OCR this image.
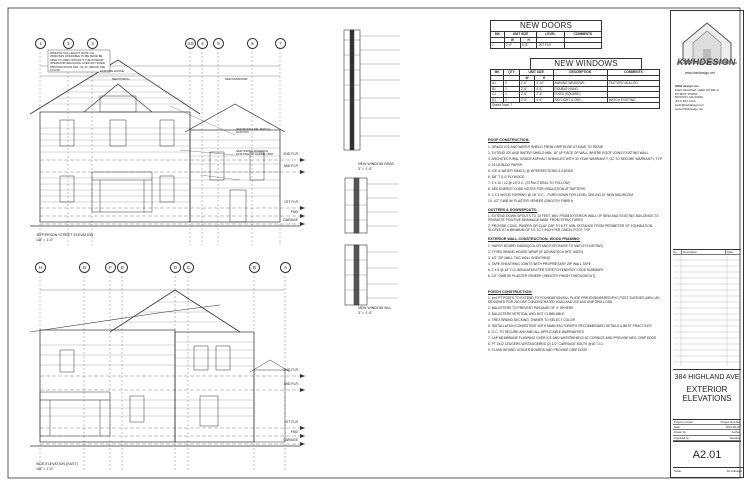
1	2	3	3.8	4	5	6	7
H	G	F	E	D	C	B	A
WINDOW SILL HEIGHT NOTE: ALL WINDOWS OPERABLE TO BE MADE BE ABLE TO OPEN WITHOUT THE WINDOW OPERATOR REACHING OVER ANY FIXED OBSTRUCTIONS MIN. OF 24" ABOVE THE FLOOR	EXISTING HOUSE
NEW PORCH	NEW MUDROOM
NEW ROOF LINE: MATCH EXISTING
NEW SIDING TO MATCH EXISTING, W/ HARDIE TRIM	2ND FLR
MID FLR
1ST FLR
FND
GARAGE
2ND FLR
MID FLR
1ST FLR
FND
GARAGE
JEFFERSON STREET ELEVATION
1/8" = 1'-0"
SIDE ELEVATION (EAST)
1/8" = 1'-0"
NEW WINDOW HEAD
3" = 1'-0"
NEW WINDOW SILL
3" = 1'-0"
NEW DOORS
MK	UNIT SIZE		LEVEL	COMMENTS
	W	H		
1	2'-0"	6'-8"	1ST FLR	
NEW WINDOWS
MK	QTY	UNIT SIZE		DESCRIPTION	COMMENTS
		W	H		
A1	2	2'-6"	4'-10"	AWNING WINDOWS	FACTORY MULLED
B1	1	2'-6"	4'-6"	DOUBLE HUNG	
C1	1	2'-6"	2'-5"	FIXED (SQUARE)	
D1	2	2'-0"	4'-6"	SKYLIGHT (LOW)	MATCH EXISTING
Grand Total: 7					
ROOF CONSTRUCTION:
1. GRACE ICE AND WATER SHIELD FROM DRIP EDGE AT EAVE TO RIDGE
2. EXTEND ICE AND WATER SHIELD MIN. 18" UP FACE OF WALL WHERE ROOF JOINS EXISTING WALL
3. ARCHITECTURAL GRADE ASPHALT SHINGLES WITH 30 YEAR WARRANTY, GC TO SECURE WARRANTY, TYP.
4. 15 LB BLDG PAPER
5. ICE & WATER SHIELD @ INTERSECTIONS & EDGES
6. 5/8" T & G PLYWOOD
7. 2 X 10 / 12 @ 16"O.C. (STRUCTURAL TO FOLLOW)
8. SEE ENERGY CODE NOTES FOR INSULATION AT RAFTERS
9. 1 X 2 WOOD FURRING @ 16" O.C. - FURR DOWN FOR LEVEL CEILING AT NEW MUDROOM
10. 1/2" GWB W/ PLASTER VENEER (SMOOTH FINISH)
GUTTERS & DOWNSPOUTS:
1. EXTEND DOWN SPOUTS TO 10 FEET, MIN. FROM EXTERIOR WALL OF NEW AND EXISTING BUILDINGS TO PROMOTE POSITIVE DRAINAGE AWAY FROM STRUCTURES
2. PROVIDE CONC. PAVERS OR CLAY CAP TO 6 FT. MIN. DISTANCE FROM PERIMETER OF FOUNDATION SLOPED AT A MINIMUM OF 1/2 TO 1 INCH PER LINEAL FOOT. TYP.
EXTERIOR WALL CONSTRUCTION: WOOD FRAMING:
1. HARDY BOARD SIDING(COLOR AND EXPOSURE TO MATCH EXISTING)
2. TYVEK BRAND HOUSE WRAP (IF ADVANTECH NOT USED)
3. 1/2" ZIP WALL T&G WALL SHEATHING
4. TAPE SHEATHING JOINTS WITH PROPRIETARY ZIP WALL TAPE
5. 2 X 6 @ 16" O.C.INSULATION PER STRETCH ENERGY CODE SUMMARY
6. 1/2" GWB W/ PLASTER VENEER (SMOOTH FINISH THROUGHOUT)
PORCH CONSTRUCTION:
1. 4x4 PT POSTS TO EXTEND TO FOUNDATION/SILL PLATE PRE-ENGINEERED/PVC POST SLEEVES (MIN.) AS DESIGNED FOR 200 LBS CONCENTRATED LOAD AND 200 LBS UNIFORM LOAD
2. BALUSTERS TO PREVENT PASSAGE OF 4" SPHERE
3. BALUSTERS VERTICAL AND NOT CLIMB-ABLE
4. TREX BRAND DECKING, OWNER TO SELECT COLOR
5. INSTALLATION CONSISTENT WITH MANUFACTURER'S RECOMMENDED DETAILS & BEST PRACTICES
6. O.C. TO SECURE ANY AND ALL APPLICABLE WARRANTIES
7. LAP MEMBRANE FLASHING OVER ICE AND WATERSHIELD AT CORNICE AND PROVIDE MFG. DRIP EDGE
8. PT 2x12 LEDGERS W/STAGGERED (2) 1/2" CARRIAGE BOLTS @16" O.C.
9. FLASH BEHIND LEDGER BOARDS AND PROVIDE DRIP EDGE
KWHDESIGN
www.kwhdesign.net
KWH design, inc.
Keith Hirschfeld, LEED AP BD+C
PO BOX 370663
BOSTON, MA 02300
(617) 913-4714
keith@kwhdesign.net
www.KWHdesign.net
No.	Description	Date
384 HIGHLAND AVE
EXTERIOR ELEVATIONS
Project number	Project Number
Date	2014-05-18
Drawn by	Author
Checked by	Checker
A2.01
Scale	As indicated
